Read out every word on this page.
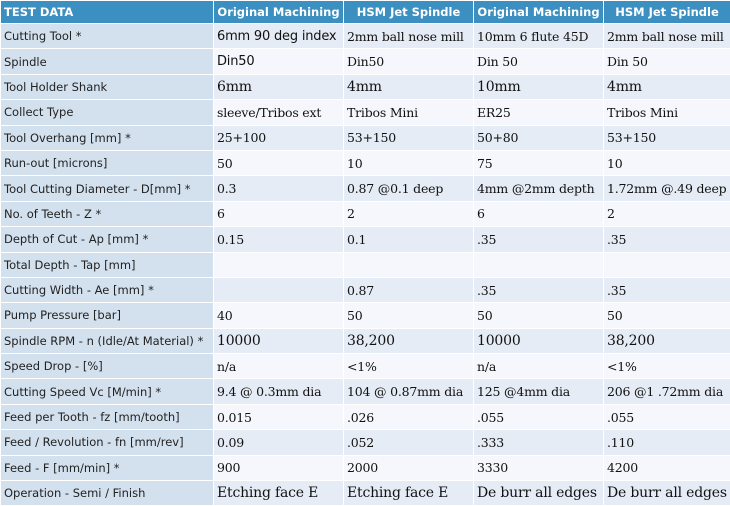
TEST DATA	Original Machining	HSM Jet Spindle	Original Machining	HSM Jet Spindle
Cutting Tool *	6mm 90 deg index	2mm ball nose mill	10mm 6 flute 45D	2mm ball nose mill
Spindle	Din50	Din50	Din 50	Din 50
Tool Holder Shank	6mm	4mm	10mm	4mm
Collect Type	sleeve/Tribos ext	Tribos Mini	ER25	Tribos Mini
Tool Overhang [mm] *	25+100	53+150	50+80	53+150
Run-out [microns]	50	10	75	10
Tool Cutting Diameter - D[mm] *	0.3	0.87 @0.1 deep	4mm @2mm depth	1.72mm @.49 deep
No. of Teeth - Z *	6	2	6	2
Depth of Cut - Ap [mm] *	0.15	0.1	.35	.35
Total Depth - Tap [mm]				
Cutting Width - Ae [mm] *		0.87	.35	.35
Pump Pressure [bar]	40	50	50	50
Spindle RPM - n (Idle/At Material) *	10000	38,200	10000	38,200
Speed Drop - [%]	n/a	<1%	n/a	<1%
Cutting Speed Vc [M/min] *	9.4 @ 0.3mm dia	104 @ 0.87mm dia	125 @4mm dia	206 @1 .72mm dia
Feed per Tooth - fz [mm/tooth]	0.015	.026	.055	.055
Feed / Revolution - fn [mm/rev]	0.09	.052	.333	.110
Feed - F [mm/min] *	900	2000	3330	4200
Operation - Semi / Finish	Etching face E	Etching face E	De burr all edges	De burr all edges
